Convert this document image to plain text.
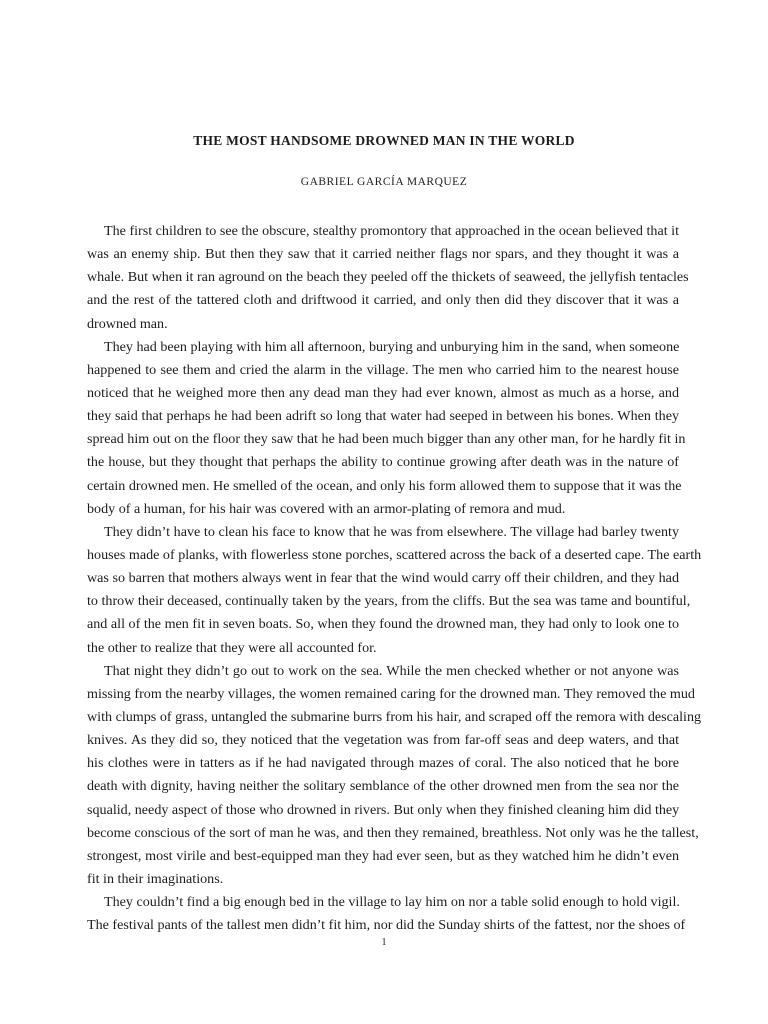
THE MOST HANDSOME DROWNED MAN IN THE WORLD

GABRIEL GARCÍA MARQUEZ

The first children to see the obscure, stealthy promontory that approached in the ocean believed that it
was an enemy ship. But then they saw that it carried neither flags nor spars, and they thought it was a
whale. But when it ran aground on the beach they peeled off the thickets of seaweed, the jellyfish tentacles
and the rest of the tattered cloth and driftwood it carried, and only then did they discover that it was a
drowned man.
They had been playing with him all afternoon, burying and unburying him in the sand, when someone
happened to see them and cried the alarm in the village. The men who carried him to the nearest house
noticed that he weighed more then any dead man they had ever known, almost as much as a horse, and
they said that perhaps he had been adrift so long that water had seeped in between his bones. When they
spread him out on the floor they saw that he had been much bigger than any other man, for he hardly fit in
the house, but they thought that perhaps the ability to continue growing after death was in the nature of
certain drowned men. He smelled of the ocean, and only his form allowed them to suppose that it was the
body of a human, for his hair was covered with an armor-plating of remora and mud.
They didn’t have to clean his face to know that he was from elsewhere. The village had barley twenty
houses made of planks, with flowerless stone porches, scattered across the back of a deserted cape. The earth
was so barren that mothers always went in fear that the wind would carry off their children, and they had
to throw their deceased, continually taken by the years, from the cliffs. But the sea was tame and bountiful,
and all of the men fit in seven boats. So, when they found the drowned man, they had only to look one to
the other to realize that they were all accounted for.
That night they didn’t go out to work on the sea. While the men checked whether or not anyone was
missing from the nearby villages, the women remained caring for the drowned man. They removed the mud
with clumps of grass, untangled the submarine burrs from his hair, and scraped off the remora with descaling
knives. As they did so, they noticed that the vegetation was from far-off seas and deep waters, and that
his clothes were in tatters as if he had navigated through mazes of coral. The also noticed that he bore
death with dignity, having neither the solitary semblance of the other drowned men from the sea nor the
squalid, needy aspect of those who drowned in rivers. But only when they finished cleaning him did they
become conscious of the sort of man he was, and then they remained, breathless. Not only was he the tallest,
strongest, most virile and best-equipped man they had ever seen, but as they watched him he didn’t even
fit in their imaginations.
They couldn’t find a big enough bed in the village to lay him on nor a table solid enough to hold vigil.
The festival pants of the tallest men didn’t fit him, nor did the Sunday shirts of the fattest, nor the shoes of

1
